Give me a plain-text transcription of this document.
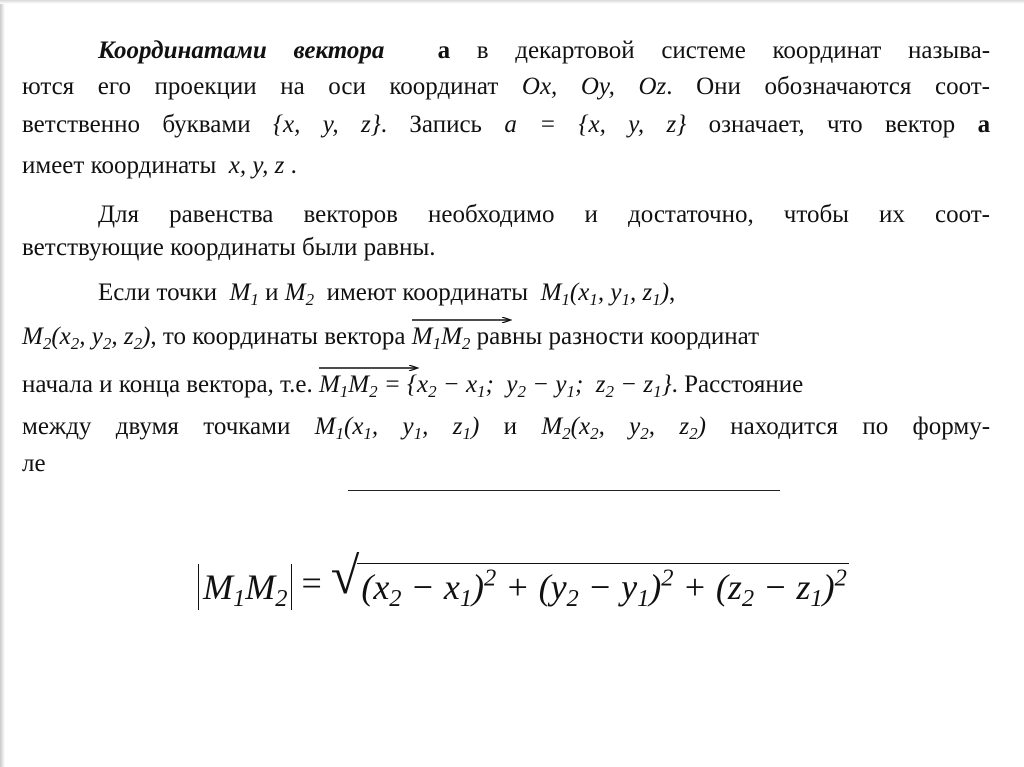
Координатами вектора a в декартовой системе координат называ-
ются его проекции на оси координат Ox, Oy, Oz. Они обозначаются соот-
ветственно буквами {x, y, z}. Запись a = {x, y, z} означает, что вектор a
имеет координаты x, y, z .
Для равенства векторов необходимо и достаточно, чтобы их соот-
ветствующие координаты были равны.
Если точки $M_1$ и $M_2$ имеют координаты $M_1(x_1$, $y_1$, $z_1$),
$M_2(x_2$, $y_2$, $z_2$), то координаты вектора $M_1M_2$ равны разности координат
начала и конца вектора, т.е. $M_1M_2 = \{x_2 - x_1$;  $y_2 - y_1$;  $z_2 - z_1$}. Расстояние
между двумя точками $M_1(x_1$, $y_1$, $z_1$) и $M_2(x_2$, $y_2$, $z_2$) находится по форму-
ле
$M_1M_2 = √(x_2 - x_1)^2 + (y_2 - y_1)^2 + (z_2 - z_1)^2$
